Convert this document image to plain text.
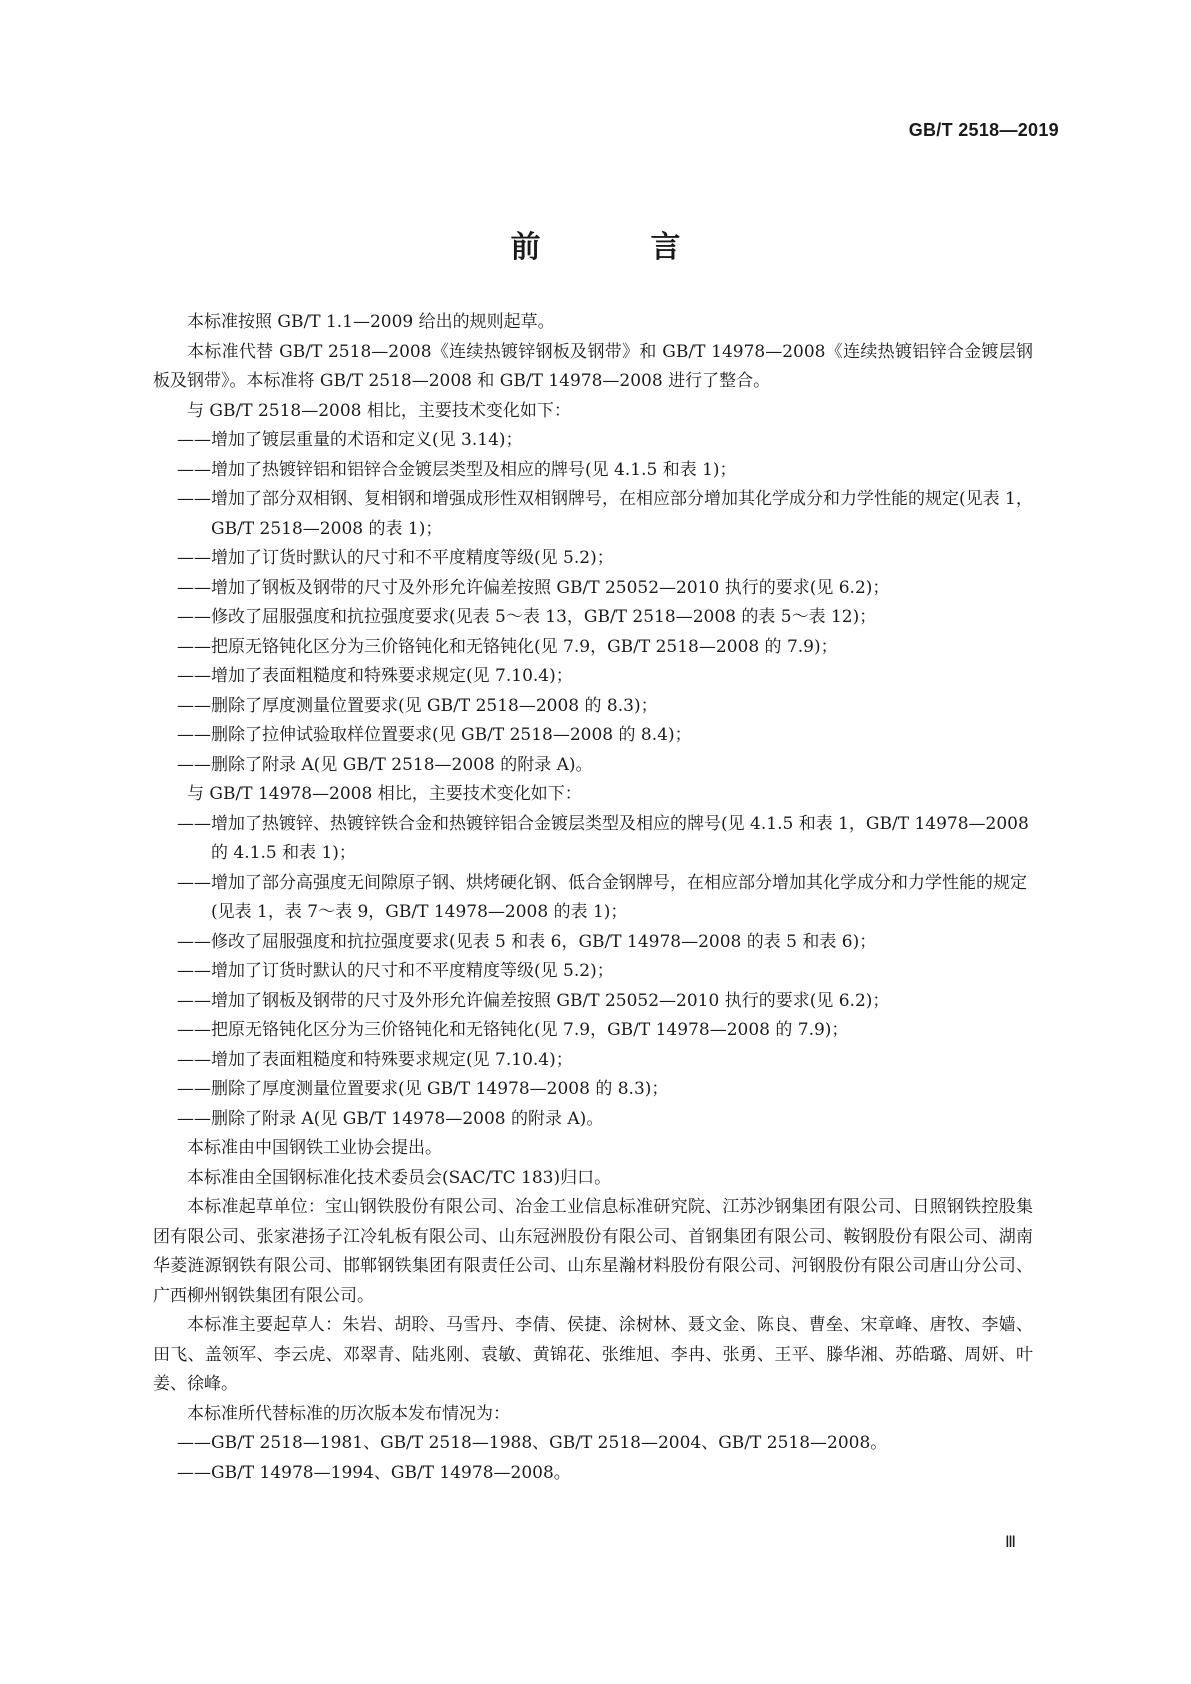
GB/T 2518—2019
前　言

本标准按照 GB/T 1.1—2009 给出的规则起草。

本标准代替 GB/T 2518—2008《连续热镀锌钢板及钢带》和 GB/T 14978—2008《连续热镀铝锌合金镀层钢板及钢带》。本标准将 GB/T 2518—2008 和 GB/T 14978—2008 进行了整合。

与 GB/T 2518—2008 相比，主要技术变化如下：

—— 增加了镀层重量的术语和定义(见 3.14)；

—— 增加了热镀锌铝和铝锌合金镀层类型及相应的牌号(见 4.1.5 和表 1)；

—— 增加了部分双相钢、复相钢和增强成形性双相钢牌号，在相应部分增加其化学成分和力学性能的规定(见表 1，GB/T 2518—2008 的表 1)；

—— 增加了订货时默认的尺寸和不平度精度等级(见 5.2)；

—— 增加了钢板及钢带的尺寸及外形允许偏差按照 GB/T 25052—2010 执行的要求(见 6.2)；

—— 修改了屈服强度和抗拉强度要求(见表 5～表 13，GB/T 2518—2008 的表 5～表 12)；

—— 把原无铬钝化区分为三价铬钝化和无铬钝化(见 7.9，GB/T 2518—2008 的 7.9)；

—— 增加了表面粗糙度和特殊要求规定(见 7.10.4)；

—— 删除了厚度测量位置要求(见 GB/T 2518—2008 的 8.3)；

—— 删除了拉伸试验取样位置要求(见 GB/T 2518—2008 的 8.4)；

—— 删除了附录 A(见 GB/T 2518—2008 的附录 A)。

与 GB/T 14978—2008 相比，主要技术变化如下：

—— 增加了热镀锌、热镀锌铁合金和热镀锌铝合金镀层类型及相应的牌号(见 4.1.5 和表 1，GB/T 14978—2008 的 4.1.5 和表 1)；

—— 增加了部分高强度无间隙原子钢、烘烤硬化钢、低合金钢牌号，在相应部分增加其化学成分和力学性能的规定(见表 1，表 7～表 9，GB/T 14978—2008 的表 1)；

—— 修改了屈服强度和抗拉强度要求(见表 5 和表 6，GB/T 14978—2008 的表 5 和表 6)；

—— 增加了订货时默认的尺寸和不平度精度等级(见 5.2)；

—— 增加了钢板及钢带的尺寸及外形允许偏差按照 GB/T 25052—2010 执行的要求(见 6.2)；

—— 把原无铬钝化区分为三价铬钝化和无铬钝化(见 7.9，GB/T 14978—2008 的 7.9)；

—— 增加了表面粗糙度和特殊要求规定(见 7.10.4)；

—— 删除了厚度测量位置要求(见 GB/T 14978—2008 的 8.3)；

—— 删除了附录 A(见 GB/T 14978—2008 的附录 A)。

本标准由中国钢铁工业协会提出。

本标准由全国钢标准化技术委员会(SAC/TC 183)归口。

本标准起草单位：宝山钢铁股份有限公司、冶金工业信息标准研究院、江苏沙钢集团有限公司、日照钢铁控股集团有限公司、张家港扬子江冷轧板有限公司、山东冠洲股份有限公司、首钢集团有限公司、鞍钢股份有限公司、湖南华菱涟源钢铁有限公司、邯郸钢铁集团有限责任公司、山东星瀚材料股份有限公司、河钢股份有限公司唐山分公司、广西柳州钢铁集团有限公司。

本标准主要起草人：朱岩、胡聆、马雪丹、李倩、侯捷、涂树林、聂文金、陈良、曹垒、宋章峰、唐牧、李嫱、田飞、盖领军、李云虎、邓翠青、陆兆刚、袁敏、黄锦花、张维旭、李冉、张勇、王平、滕华湘、苏皓璐、周妍、叶姜、徐峰。

本标准所代替标准的历次版本发布情况为：

—— GB/T 2518—1981、GB/T 2518—1988、GB/T 2518—2004、GB/T 2518—2008。

—— GB/T 14978—1994、GB/T 14978—2008。

Ⅲ
